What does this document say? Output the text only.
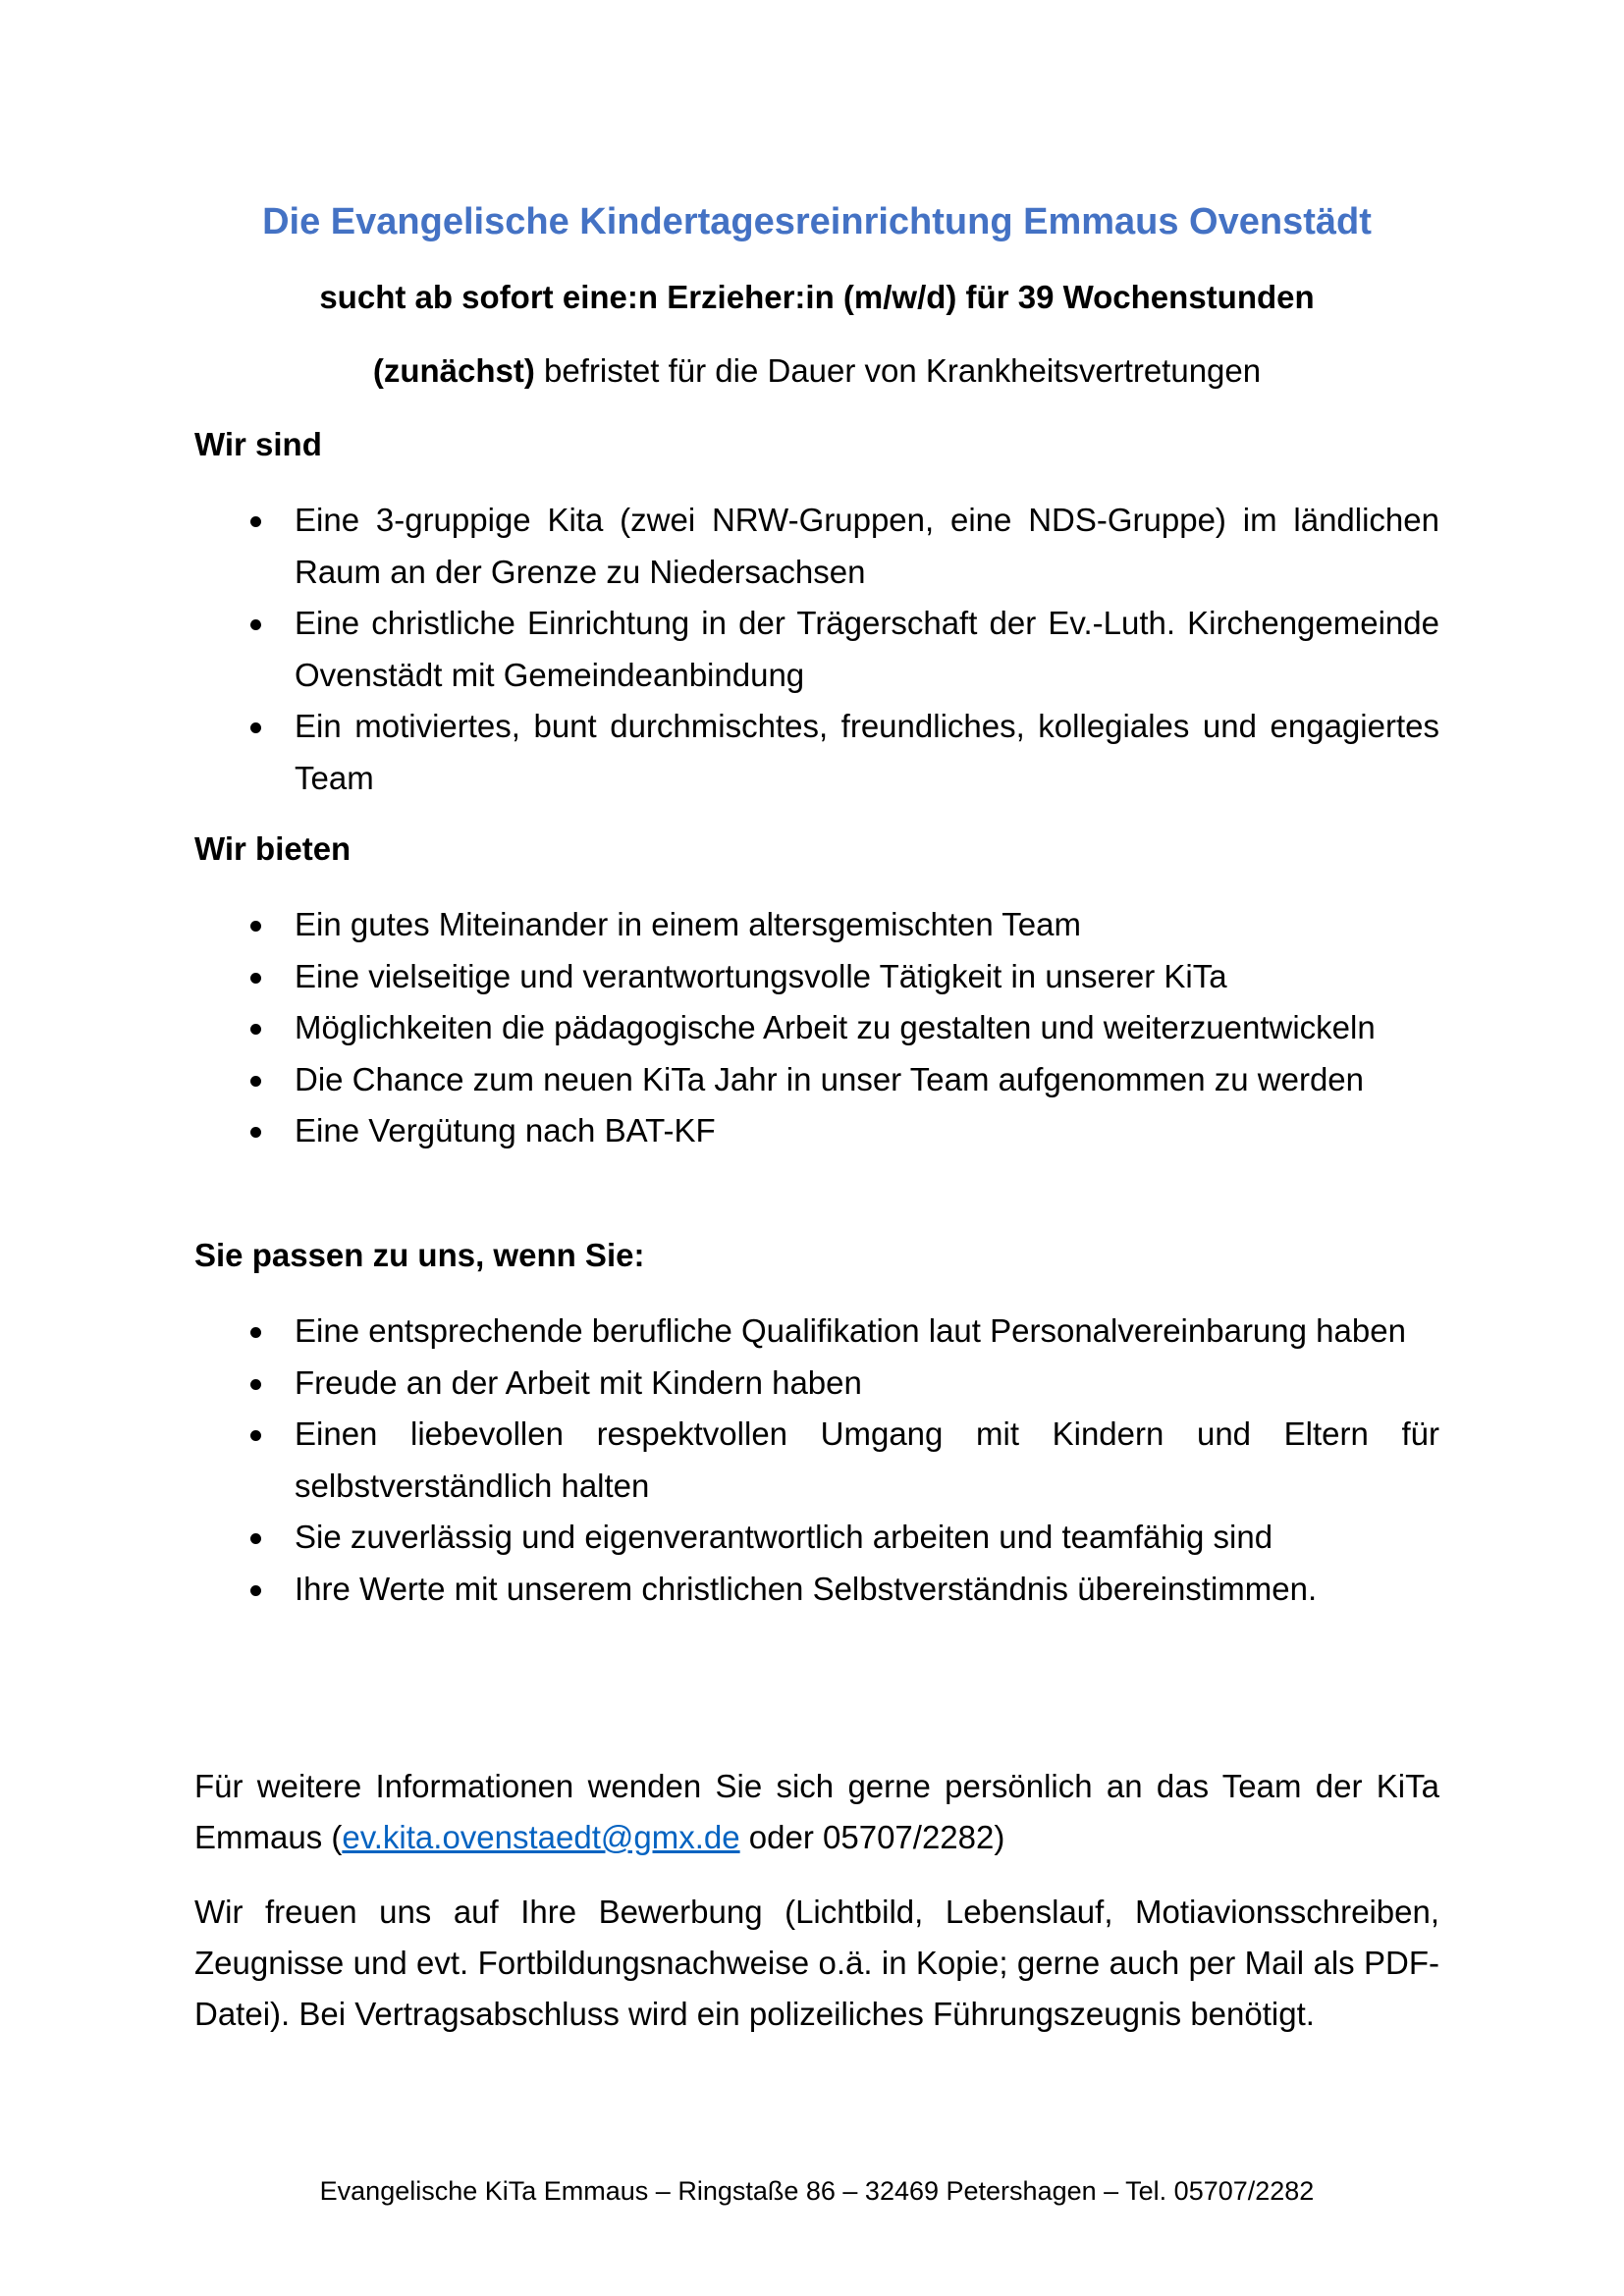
Die Evangelische Kindertagesreinrichtung Emmaus Ovenstädt
sucht ab sofort eine:n Erzieher:in (m/w/d) für 39 Wochenstunden
(zunächst) befristet für die Dauer von Krankheitsvertretungen
Wir sind
Eine 3-gruppige Kita (zwei NRW-Gruppen, eine NDS-Gruppe) im ländlichen Raum an der Grenze zu Niedersachsen
Eine christliche Einrichtung in der Trägerschaft der Ev.-Luth. Kirchengemeinde Ovenstädt mit Gemeindeanbindung
Ein motiviertes, bunt durchmischtes, freundliches, kollegiales und engagiertes Team
Wir bieten
Ein gutes Miteinander in einem altersgemischten Team
Eine vielseitige und verantwortungsvolle Tätigkeit in unserer KiTa
Möglichkeiten die pädagogische Arbeit zu gestalten und weiterzuentwickeln
Die Chance zum neuen KiTa Jahr in unser Team aufgenommen zu werden
Eine Vergütung nach BAT-KF
Sie passen zu uns, wenn Sie:
Eine entsprechende berufliche Qualifikation laut Personalvereinbarung haben
Freude an der Arbeit mit Kindern haben
Einen liebevollen respektvollen Umgang mit Kindern und Eltern für selbstverständlich halten
Sie zuverlässig und eigenverantwortlich arbeiten und teamfähig sind
Ihre Werte mit unserem christlichen Selbstverständnis übereinstimmen.
Für weitere Informationen wenden Sie sich gerne persönlich an das Team der KiTa Emmaus (ev.kita.ovenstaedt@gmx.de oder 05707/2282)
Wir freuen uns auf Ihre Bewerbung (Lichtbild, Lebenslauf, Motiavionsschreiben, Zeugnisse und evt. Fortbildungsnachweise o.ä. in Kopie; gerne auch per Mail als PDF-Datei). Bei Vertragsabschluss wird ein polizeiliches Führungszeugnis benötigt.
Evangelische KiTa Emmaus – Ringstaße 86 – 32469 Petershagen – Tel. 05707/2282
